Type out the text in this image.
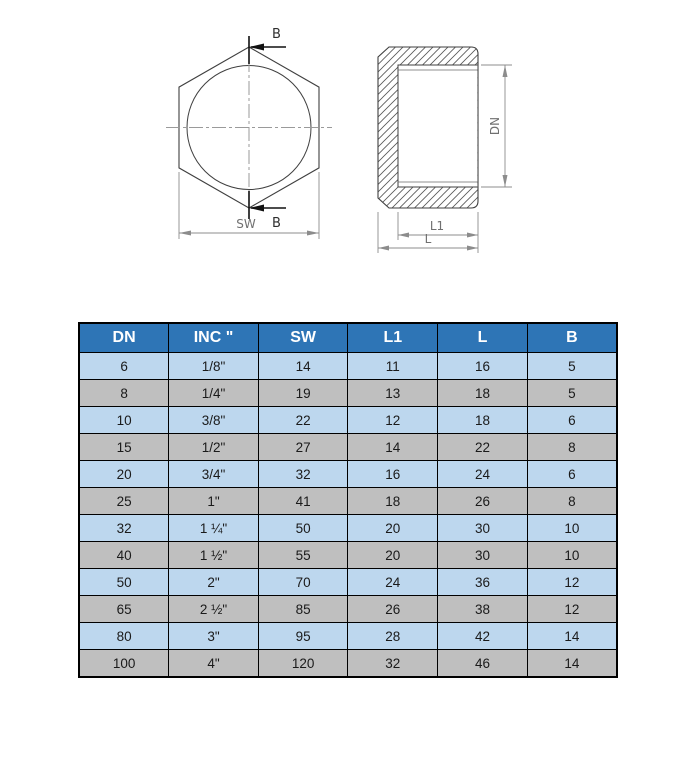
B
B
SW
DN
L1
L
DN	INC "	SW	L1	L	B
6	1/8"	14	11	16	5
8	1/4"	19	13	18	5
10	3/8"	22	12	18	6
15	1/2"	27	14	22	8
20	3/4"	32	16	24	6
25	1"	41	18	26	8
32	1 ¼"	50	20	30	10
40	1 ½"	55	20	30	10
50	2"	70	24	36	12
65	2 ½"	85	26	38	12
80	3"	95	28	42	14
100	4"	120	32	46	14
